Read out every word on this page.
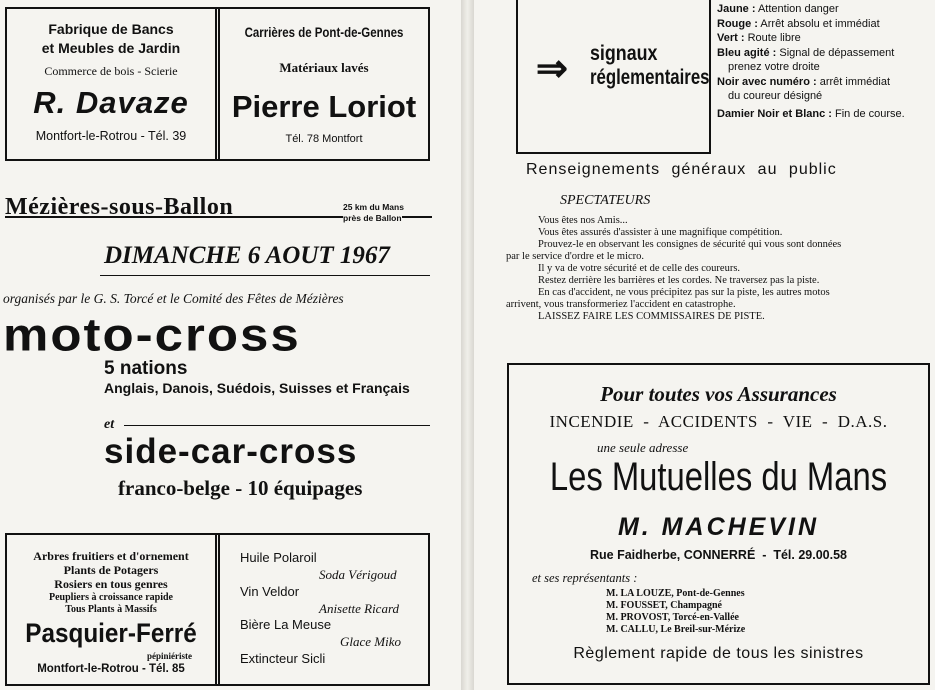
Fabrique de Bancs
et Meubles de Jardin
Commerce de bois - Scierie
R. Davaze
Montfort-le-Rotrou - Tél. 39
Carrières de Pont-de-Gennes
Matériaux lavés
Pierre Loriot
Tél. 78 Montfort
Mézières-sous-Ballon	25 km du Mans
près de Ballon
DIMANCHE 6 AOUT 1967
organisés par le G. S. Torcé et le Comité des Fêtes de Mézières
moto-cross
5 nations
Anglais, Danois, Suédois, Suisses et Français
et
side-car-cross
franco-belge - 10 équipages
Arbres fruitiers et d'ornement
Plants de Potagers
Rosiers en tous genres
Peupliers à croissance rapide
Tous Plants à Massifs
Pasquier-Ferré
pépiniériste
Montfort-le-Rotrou - Tél. 85
Huile Polaroil
Soda Vérigoud
Vin Veldor
Anisette Ricard
Bière La Meuse
Glace Miko
Extincteur Sicli
⇒ signaux
réglementaires
Jaune : Attention danger
Rouge : Arrêt absolu et immédiat
Vert : Route libre
Bleu agité : Signal de dépassement
prenez votre droite
Noir avec numéro : arrêt immédiat
du coureur désigné
Damier Noir et Blanc : Fin de course.
Renseignements généraux au public
SPECTATEURS
Vous êtes nos Amis...
Vous êtes assurés d'assister à une magnifique compétition.
Prouvez-le en observant les consignes de sécurité qui vous sont données
par le service d'ordre et le micro.
Il y va de votre sécurité et de celle des coureurs.
Restez derrière les barrières et les cordes. Ne traversez pas la piste.
En cas d'accident, ne vous précipitez pas sur la piste, les autres motos
arrivent, vous transformeriez l'accident en catastrophe.
LAISSEZ FAIRE LES COMMISSAIRES DE PISTE.
Pour toutes vos Assurances
INCENDIE  -  ACCIDENTS  -  VIE  -  D.A.S.
une seule adresse
Les Mutuelles du Mans
M. MACHEVIN
Rue Faidherbe, CONNERRÉ  -  Tél. 29.00.58
et ses représentants :
M. LA LOUZE, Pont-de-Gennes
M. FOUSSET, Champagné
M. PROVOST, Torcé-en-Vallée
M. CALLU, Le Breil-sur-Mérize
Règlement rapide de tous les sinistres
